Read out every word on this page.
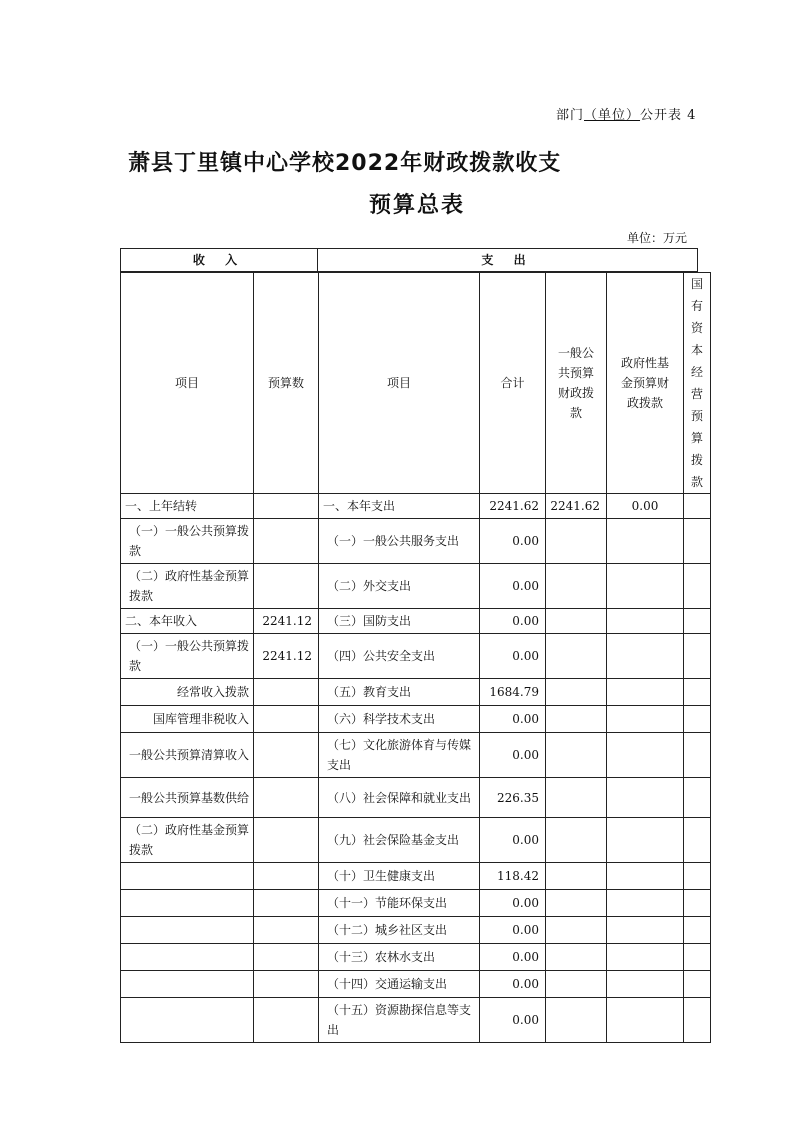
部门（单位）公开表 4
萧县丁里镇中心学校2022年财政拨款收支
预算总表
单位：万元
收 入	支 出
项目	预算数	项目	合计	一般公共预算财政拨款	政府性基金预算财政拨款	国有资本经营预算拨款

一、上年结转		一、本年支出	2241.62	2241.62	0.00	
（一）一般公共预算拨款		（一）一般公共服务支出	0.00			
（二）政府性基金预算拨款		（二）外交支出	0.00			
二、本年收入	2241.12	（三）国防支出	0.00			
（一）一般公共预算拨款	2241.12	（四）公共安全支出	0.00			
经常收入拨款		（五）教育支出	1684.79			
国库管理非税收入		（六）科学技术支出	0.00			
一般公共预算清算收入		（七）文化旅游体育与传媒支出	0.00			
一般公共预算基数供给		（八）社会保障和就业支出	226.35			
（二）政府性基金预算拨款		（九）社会保险基金支出	0.00			
		（十）卫生健康支出	118.42			
		（十一）节能环保支出	0.00			
		（十二）城乡社区支出	0.00			
		（十三）农林水支出	0.00			
		（十四）交通运输支出	0.00			
		（十五）资源勘探信息等支出	0.00			
